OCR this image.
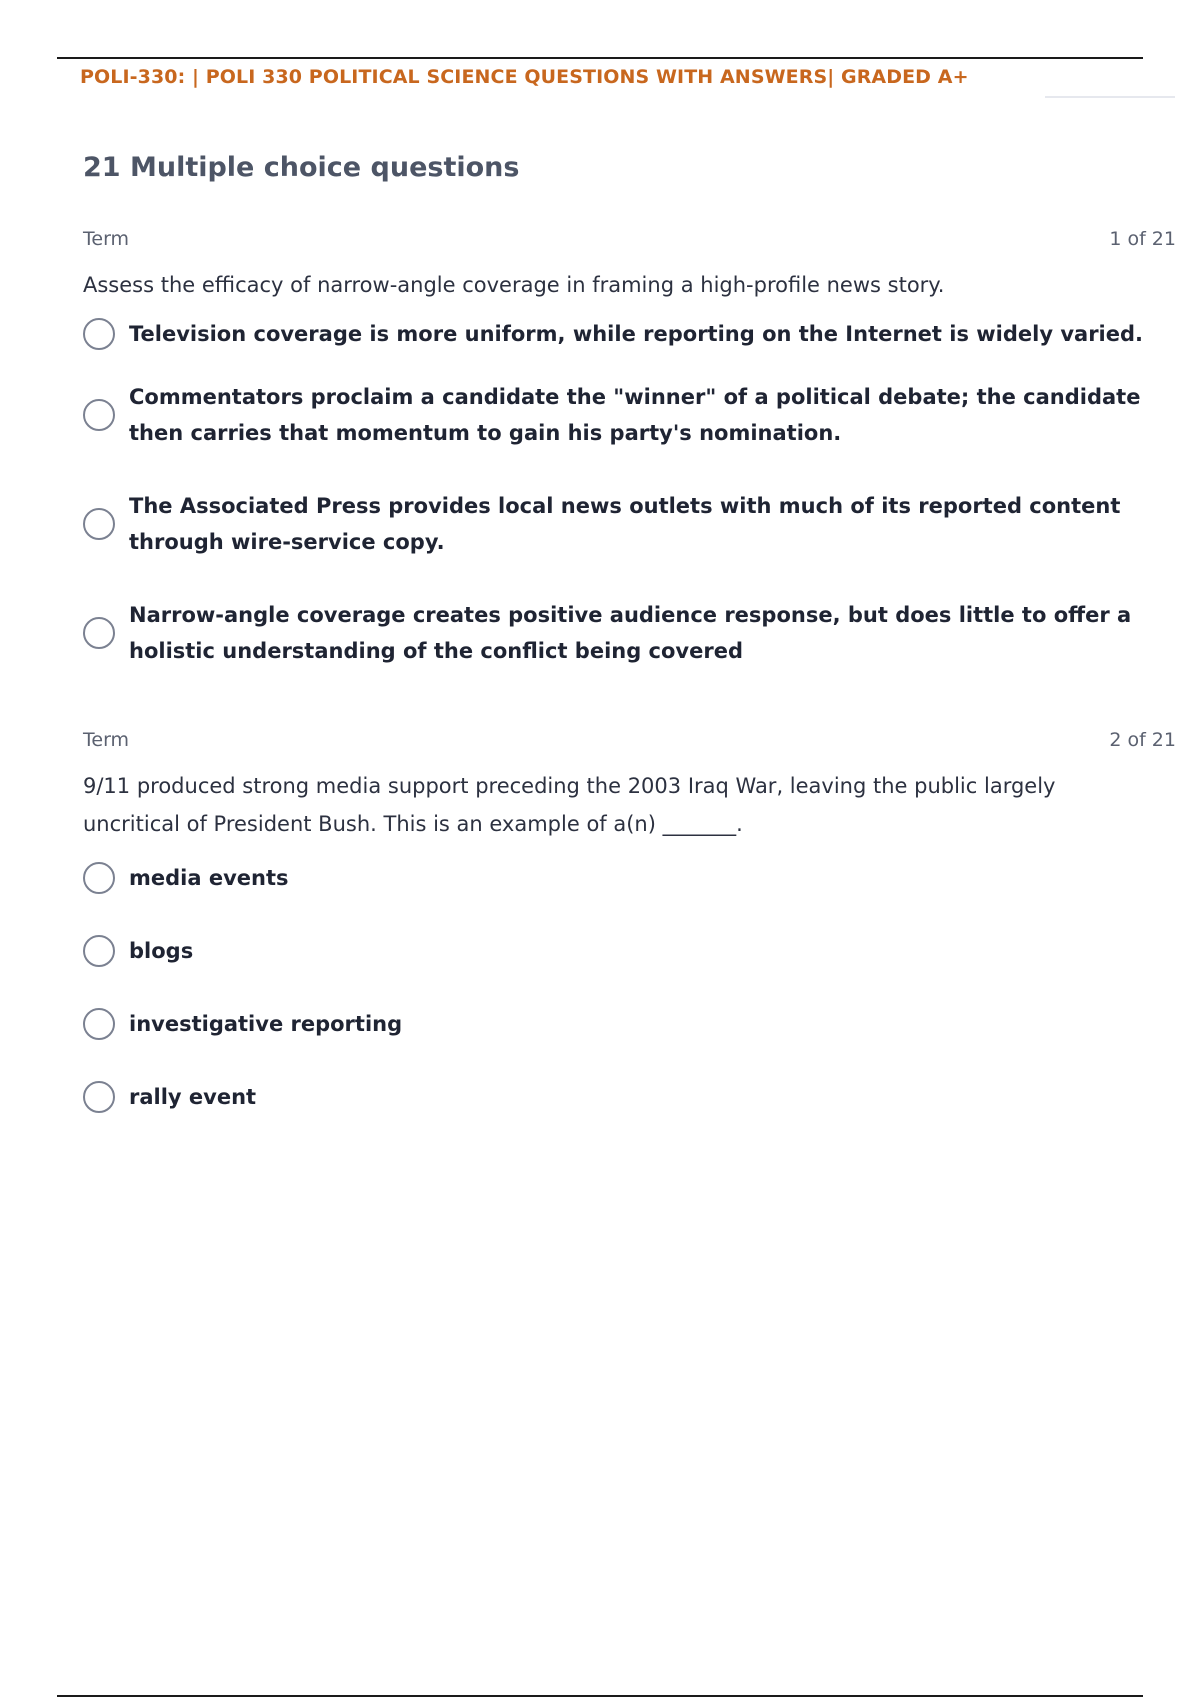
POLI-330: | POLI 330 POLITICAL SCIENCE QUESTIONS WITH ANSWERS| GRADED A+
21 Multiple choice questions
Term	1 of 21
Assess the efficacy of narrow-angle coverage in framing a high-profile news story.
Television coverage is more uniform, while reporting on the Internet is widely varied.
Commentators proclaim a candidate the "winner" of a political debate; the candidate then carries that momentum to gain his party's nomination.
The Associated Press provides local news outlets with much of its reported content through wire-service copy.
Narrow-angle coverage creates positive audience response, but does little to offer a holistic understanding of the conflict being covered
Term	2 of 21
9/11 produced strong media support preceding the 2003 Iraq War, leaving the public largely uncritical of President Bush. This is an example of a(n) _______.
media events
blogs
investigative reporting
rally event
